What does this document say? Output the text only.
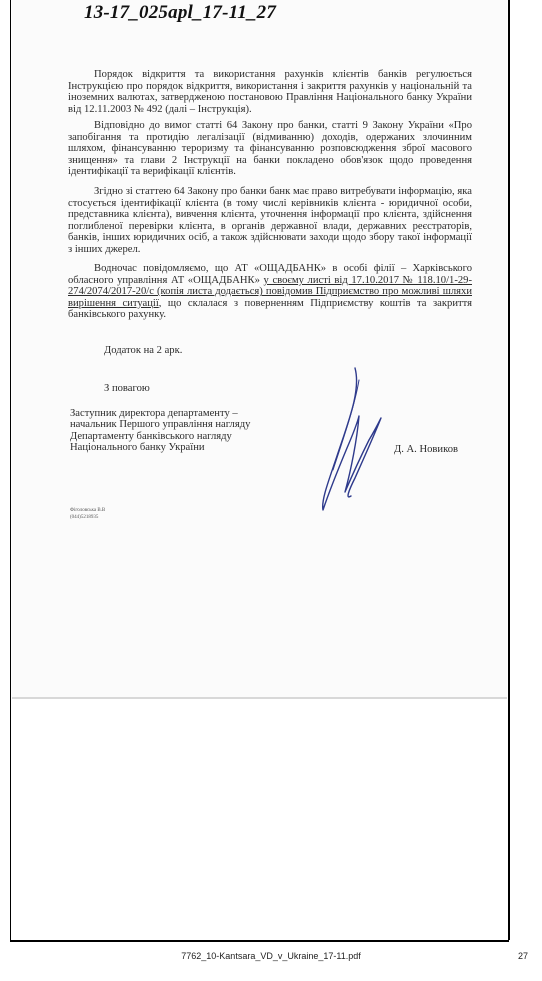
13-17_025apl_17-11_27
Порядок відкриття та використання рахунків клієнтів банків регулюється Інструкцією про порядок відкриття, використання і закриття рахунків у національній та іноземних валютах, затвердженою постановою Правління Національного банку України від 12.11.2003 № 492 (далі – Інструкція).
Відповідно до вимог статті 64 Закону про банки, статті 9 Закону України «Про запобігання та протидію легалізації (відмиванню) доходів, одержаних злочинним шляхом, фінансуванню тероризму та фінансуванню розповсюдження зброї масового знищення» та глави 2 Інструкції на банки покладено обов'язок щодо проведення ідентифікації та верифікації клієнтів.
Згідно зі статтею 64 Закону про банки банк має право витребувати інформацію, яка стосується ідентифікації клієнта (в тому числі керівників клієнта - юридичної особи, представника клієнта), вивчення клієнта, уточнення інформації про клієнта, здійснення поглибленої перевірки клієнта, в органів державної влади, державних реєстраторів, банків, інших юридичних осіб, а також здійснювати заходи щодо збору такої інформації з інших джерел.
Водночас повідомляємо, що АТ «ОЩАДБАНК» в особі філії – Харківського обласного управління АТ «ОЩАДБАНК» у своєму листі від 17.10.2017 № 118.10/1-29-274/2074/2017-20/с (копія листа додається) повідомив Підприємство про можливі шляхи вирішення ситуації, що склалася з поверненням Підприємству коштів та закриття банківського рахунку.
Додаток на 2 арк.
З повагою
Заступник директора департаменту –
начальник Першого управління нагляду
Департаменту банківського нагляду
Національного банку України	Д. А. Новиков
Фіголовська В.В
(044)5218935
7762_10-Kantsara_VD_v_Ukraine_17-11.pdf	27
